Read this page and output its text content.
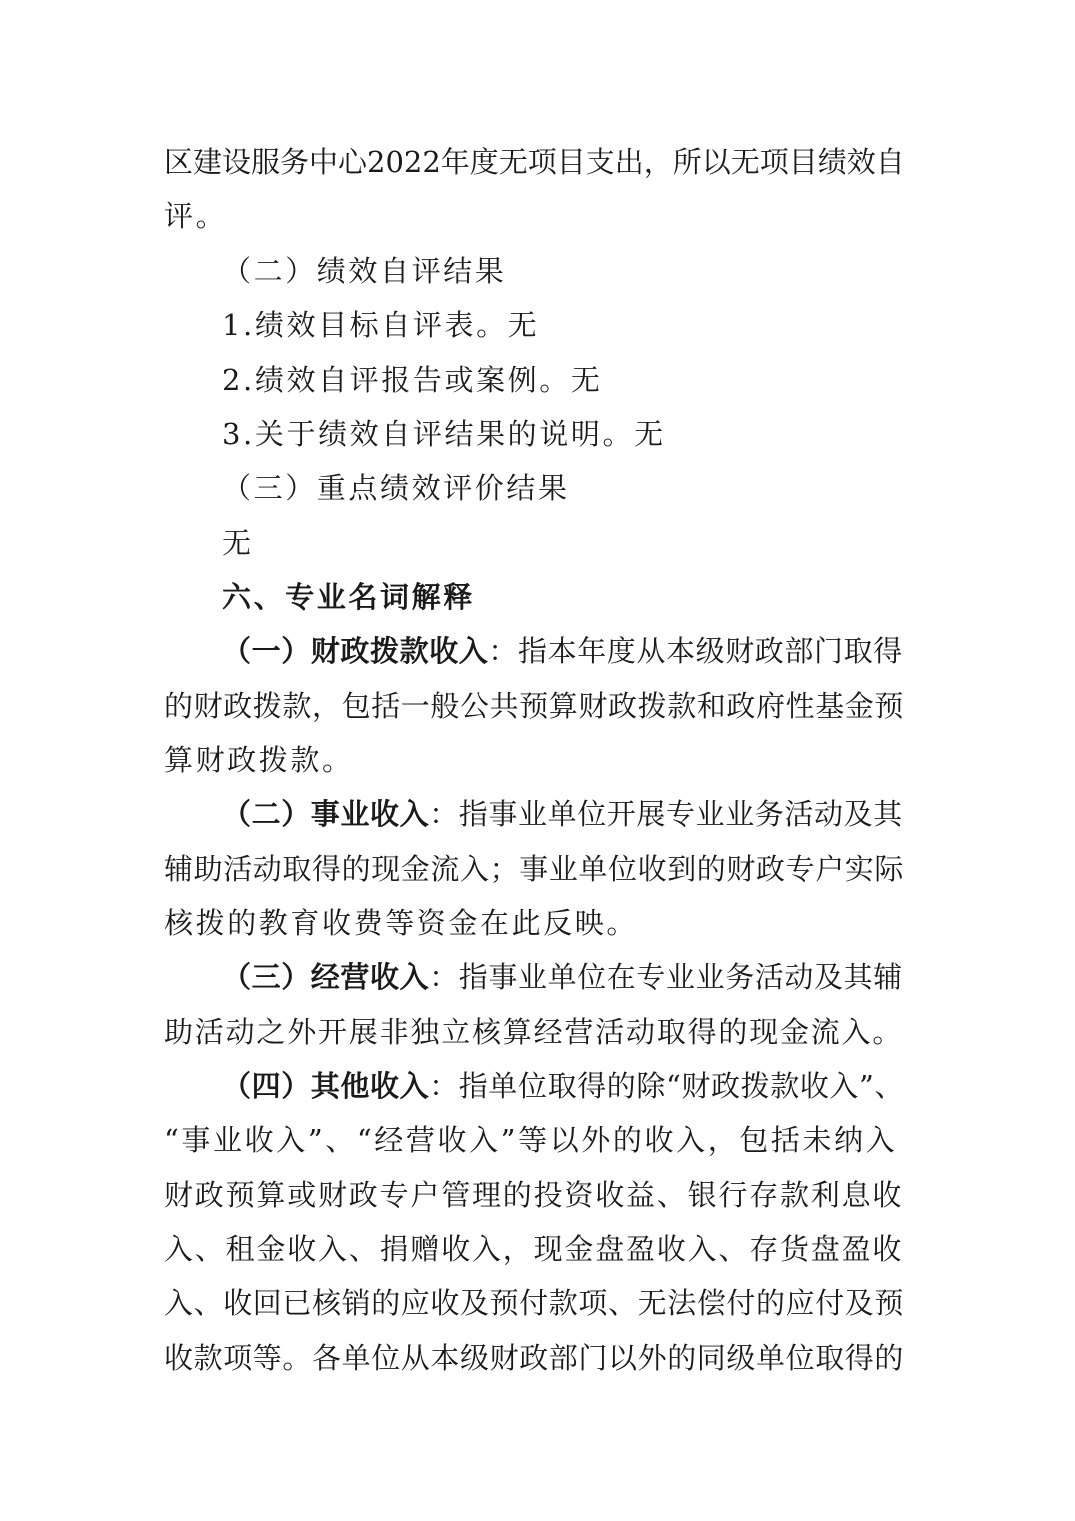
区建设服务中心2022年度无项目支出，所以无项目绩效自
评。
（二）绩效自评结果
1.绩效目标自评表。无
2.绩效自评报告或案例。无
3.关于绩效自评结果的说明。无
（三）重点绩效评价结果
无
六、专业名词解释
（一）财政拨款收入：指本年度从本级财政部门取得
的财政拨款，包括一般公共预算财政拨款和政府性基金预
算财政拨款。
（二）事业收入：指事业单位开展专业业务活动及其
辅助活动取得的现金流入；事业单位收到的财政专户实际
核拨的教育收费等资金在此反映。
（三）经营收入：指事业单位在专业业务活动及其辅
助活动之外开展非独立核算经营活动取得的现金流入。
（四）其他收入：指单位取得的除“财政拨款收入”、
“事业收入”、“经营收入”等以外的收入，包括未纳入
财政预算或财政专户管理的投资收益、银行存款利息收
入、租金收入、捐赠收入，现金盘盈收入、存货盘盈收
入、收回已核销的应收及预付款项、无法偿付的应付及预
收款项等。各单位从本级财政部门以外的同级单位取得的
